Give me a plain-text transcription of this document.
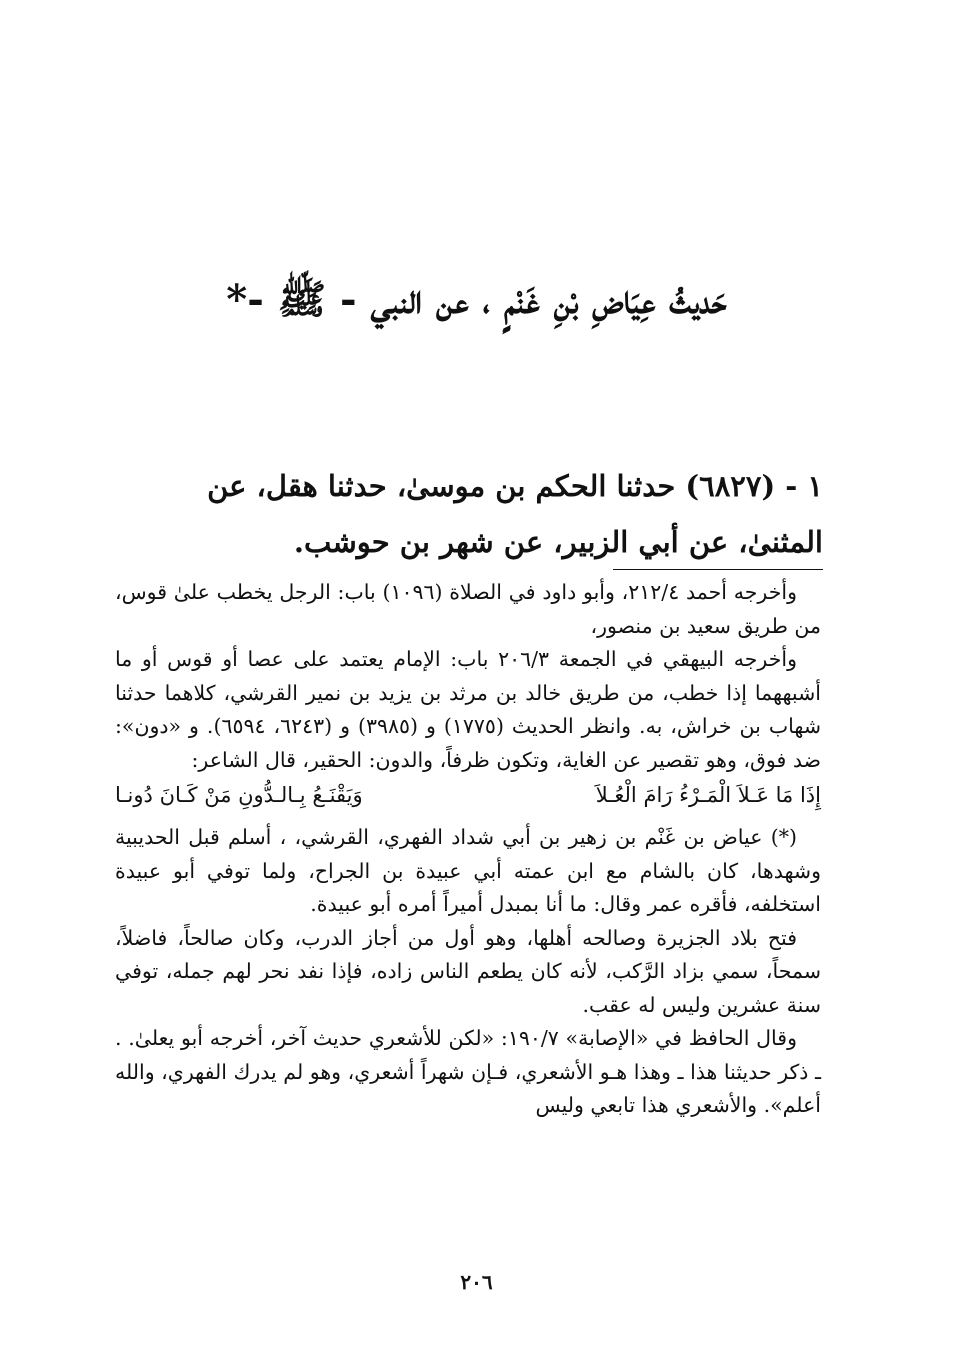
حَديثُ عِيَاضِ بْنِ غَنْمٍ ، عن النبي - ﷺ -*

١ - (٦٨٢٧) حدثنا الحكم بن موسىٰ، حدثنا هقل، عن

المثنىٰ، عن أبي الزبير، عن شهر بن حوشب.

وأخرجه أحمد ٢١٢/٤، وأبو داود في الصلاة (١٠٩٦) باب: الرجل يخطب علىٰ قوس، من طريق سعيد بن منصور،

وأخرجه البيهقي في الجمعة ٢٠٦/٣ باب: الإمام يعتمد على عصا أو قوس أو ما أشبههما إذا خطب، من طريق خالد بن مرثد بن يزيد بن نمير القرشي، كلاهما حدثنا شهاب بن خراش، به. وانظر الحديث (١٧٧٥) و (٣٩٨٥) و (٦٢٤٣، ٦٥٩٤). و «دون»: ضد فوق، وهو تقصير عن الغاية، وتكون ظرفاً، والدون: الحقير، قال الشاعر:

إِذَا مَا عَـلاَ الْمَـرْءُ رَامَ الْعُـلاَ
وَيَقْنَـعُ بِـالـدُّونِ مَنْ كَـانَ دُونـا

(*) عياض بن غَنْم بن زهير بن أبي شداد الفهري، القرشي، ، أسلم قبل الحديبية وشهدها، كان بالشام مع ابن عمته أبي عبيدة بن الجراح، ولما توفي أبو عبيدة استخلفه، فأقره عمر وقال: ما أنا بمبدل أميراً أمره أبو عبيدة.

فتح بلاد الجزيرة وصالحه أهلها، وهو أول من أجاز الدرب، وكان صالحاً، فاضلاً، سمحاً، سمي بزاد الرَّكب، لأنه كان يطعم الناس زاده، فإذا نفد نحر لهم جمله، توفي سنة عشرين وليس له عقب.

وقال الحافظ في «الإصابة» ١٩٠/٧: «لكن للأشعري حديث آخر، أخرجه أبو يعلىٰ. . ـ ذكر حديثنا هذا ـ وهذا هـو الأشعري، فـإن شهراً أشعري، وهو لم يدرك الفهري، والله أعلم». والأشعري هذا تابعي وليس

٢٠٦
